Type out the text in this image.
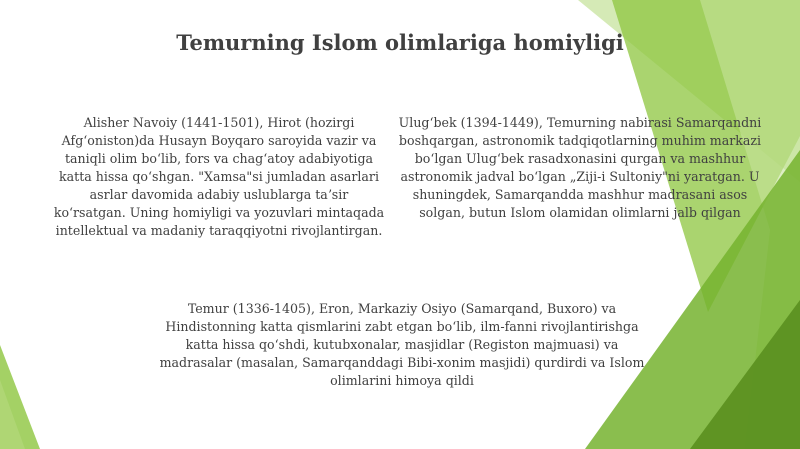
Temurning Islom olimlariga homiyligi

Alisher Navoiy (1441-1501), Hirot (hozirgi Afgʻoniston)da Husayn Boyqaro saroyida vazir va taniqli olim boʻlib, fors va chagʻatoy adabiyotiga katta hissa qoʻshgan. "Xamsa"si jumladan asarlari asrlar davomida adabiy uslublarga taʼsir koʻrsatgan. Uning homiyligi va yozuvlari mintaqada intellektual va madaniy taraqqiyotni rivojlantirgan.

Ulugʻbek (1394-1449), Temurning nabirasi Samarqandni boshqargan, astronomik tadqiqotlarning muhim markazi boʻlgan Ulugʻbek rasadxonasini qurgan va mashhur astronomik jadval boʻlgan „Ziji-i Sultoniy"ni yaratgan. U shuningdek, Samarqandda mashhur madrasani asos solgan, butun Islom olamidan olimlarni jalb qilgan

Temur (1336-1405), Eron, Markaziy Osiyo (Samarqand, Buxoro) va Hindistonning katta qismlarini zabt etgan boʻlib, ilm-fanni rivojlantirishga katta hissa qoʻshdi, kutubxonalar, masjidlar (Registon majmuasi) va madrasalar (masalan, Samarqanddagi Bibi-xonim masjidi) qurdirdi va Islom olimlarini himoya qildi
